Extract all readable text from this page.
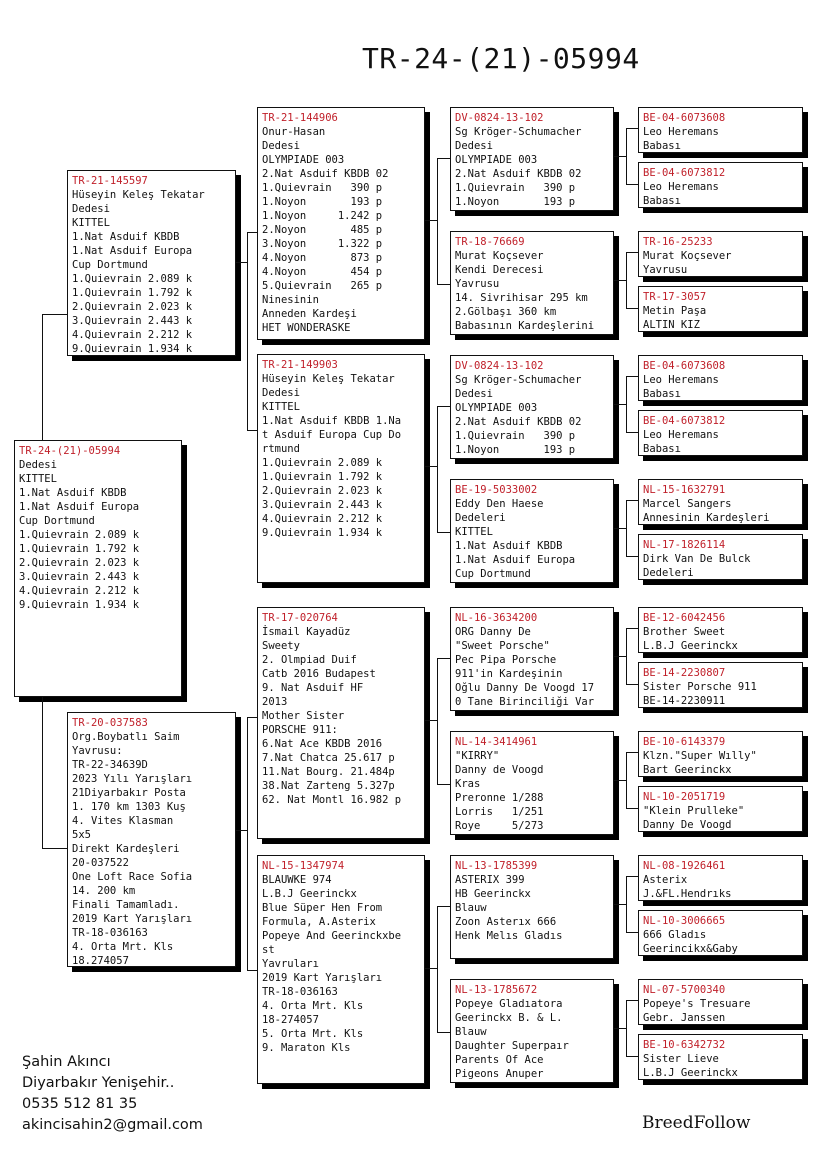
TR-24-(21)-05994
TR-24-(21)-05994
Dedesi
KITTEL
1.Nat Asduif KBDB
1.Nat Asduif Europa
Cup Dortmund
1.Quievrain 2.089 k
1.Quievrain 1.792 k
2.Quievrain 2.023 k
3.Quievrain 2.443 k
4.Quievrain 2.212 k
9.Quievrain 1.934 k
TR-21-145597
Hüseyin Keleş Tekatar
Dedesi
KITTEL
1.Nat Asduif KBDB
1.Nat Asduif Europa
Cup Dortmund
1.Quievrain 2.089 k
1.Quievrain 1.792 k
2.Quievrain 2.023 k
3.Quievrain 2.443 k
4.Quievrain 2.212 k
9.Quievrain 1.934 k
TR-20-037583
Org.Boybatlı Saim
Yavrusu:
TR-22-34639D
2023 Yılı Yarışları
21Diyarbakır Posta
1. 170 km 1303 Kuş
4. Vites Klasman
5x5
Direkt Kardeşleri
20-037522
One Loft Race Sofia
14. 200 km
Finali Tamamladı.
2019 Kart Yarışları
TR-18-036163
4. Orta Mrt. Kls
18.274057
TR-21-144906
Onur-Hasan
Dedesi
OLYMPIADE 003
2.Nat Asduif KBDB 02
1.Quievrain   390 p
1.Noyon       193 p
1.Noyon     1.242 p
2.Noyon       485 p
3.Noyon     1.322 p
4.Noyon       873 p
4.Noyon       454 p
5.Quievrain   265 p
Ninesinin
Anneden Kardeşi
HET WONDERASKE
TR-21-149903
Hüseyin Keleş Tekatar
Dedesi
KITTEL
1.Nat Asduif KBDB 1.Na
t Asduif Europa Cup Do
rtmund
1.Quievrain 2.089 k
1.Quievrain 1.792 k
2.Quievrain 2.023 k
3.Quievrain 2.443 k
4.Quievrain 2.212 k
9.Quievrain 1.934 k
TR-17-020764
İsmail Kayadüz
Sweety
2. Olmpiad Duif
Catb 2016 Budapest
9. Nat Asduif HF
2013
Mother Sister
PORSCHE 911:
6.Nat Ace KBDB 2016
7.Nat Chatca 25.617 p
11.Nat Bourg. 21.484p
38.Nat Zarteng 5.327p
62. Nat Montl 16.982 p
NL-15-1347974
BLAUWKE 974
L.B.J Geerinckx
Blue Süper Hen From
Formula, A.Asterix
Popeye And Geerinckxbe
st
Yavruları
2019 Kart Yarışları
TR-18-036163
4. Orta Mrt. Kls
18-274057
5. Orta Mrt. Kls
9. Maraton Kls
DV-0824-13-102
Sg Kröger-Schumacher
Dedesi
OLYMPIADE 003
2.Nat Asduif KBDB 02
1.Quievrain   390 p
1.Noyon       193 p
TR-18-76669
Murat Koçsever
Kendi Derecesi
Yavrusu
14. Sivrihisar 295 km
2.Gölbaşı 360 km
Babasının Kardeşlerini
DV-0824-13-102
Sg Kröger-Schumacher
Dedesi
OLYMPIADE 003
2.Nat Asduif KBDB 02
1.Quievrain   390 p
1.Noyon       193 p
BE-19-5033002
Eddy Den Haese
Dedeleri
KITTEL
1.Nat Asduif KBDB
1.Nat Asduif Europa
Cup Dortmund
NL-16-3634200
ORG Danny De
"Sweet Porsche"
Pec Pipa Porsche
911'in Kardeşinin
Oğlu Danny De Voogd 17
0 Tane Birinciliği Var
NL-14-3414961
"KIRRY"
Danny de Voogd
Kras
Preronne 1/288
Lorris   1/251
Roye     5/273
NL-13-1785399
ASTERIX 399
HB Geerinckx
Blauw
Zoon Asterıx 666
Henk Melıs Gladıs
NL-13-1785672
Popeye Gladıatora
Geerinckx B. & L.
Blauw
Daughter Superpaır
Parents Of Ace
Pigeons Anuper
BE-04-6073608
Leo Heremans
Babası
BE-04-6073812
Leo Heremans
Babası
TR-16-25233
Murat Koçsever
Yavrusu
TR-17-3057
Metin Paşa
ALTIN KIZ
BE-04-6073608
Leo Heremans
Babası
BE-04-6073812
Leo Heremans
Babası
NL-15-1632791
Marcel Sangers
Annesinin Kardeşleri
NL-17-1826114
Dirk Van De Bulck
Dedeleri
BE-12-6042456
Brother Sweet
L.B.J Geerinckx
BE-14-2230807
Sister Porsche 911
BE-14-2230911
BE-10-6143379
Klzn."Super Wılly"
Bart Geerinckx
NL-10-2051719
"Klein Prulleke"
Danny De Voogd
NL-08-1926461
Asterix
J.&FL.Hendrıks
NL-10-3006665
666 Gladıs
Geerincikx&Gaby
NL-07-5700340
Popeye's Tresuare
Gebr. Janssen
BE-10-6342732
Sister Lieve
L.B.J Geerinckx
Şahin Akıncı
Diyarbakır Yenişehir..
0535 512 81 35
akincisahin2@gmail.com	BreedFollow
